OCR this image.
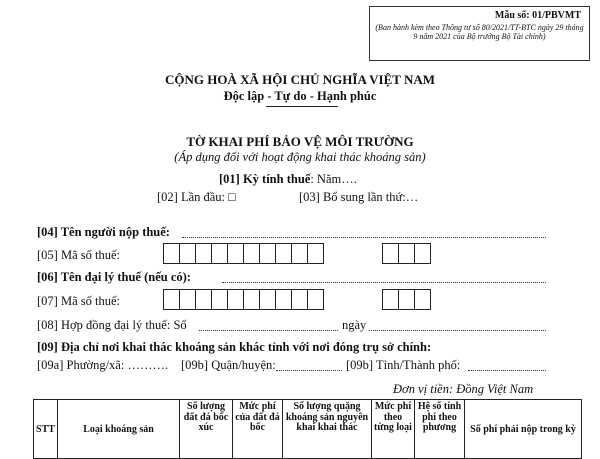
Mẫu số: 01/PBVMT
(Ban hành kèm theo Thông tư số 80/2021/TT-BTC ngày 29 tháng 9 năm 2021 của Bộ trưởng Bộ Tài chính)
CỘNG HOÀ XÃ HỘI CHỦ NGHĨA VIỆT NAM
Độc lập - Tự do - Hạnh phúc
TỜ KHAI PHÍ BẢO VỆ MÔI TRƯỜNG
(Áp dụng đối với hoạt động khai thác khoáng sản)
[01] Kỳ tính thuế: Năm….
[02] Lần đầu: □	[03] Bổ sung lần thứ:…
[04] Tên người nộp thuế:
[05] Mã số thuế:
[06] Tên đại lý thuế (nếu có):
[07] Mã số thuế:
[08] Hợp đồng đại lý thuế: Số	ngày
[09] Địa chỉ nơi khai thác khoáng sản khác tỉnh với nơi đóng trụ sở chính:
[09a] Phường/xã: ………. [09b] Quận/huyện:	[09b] Tỉnh/Thành phố:
Đơn vị tiền: Đồng Việt Nam
STT	Loại khoáng sản	Số lượng đất đá bốc xúc	Mức phí của đất đá bốc	Số lượng quặng khoáng sản nguyên khai khai thác	Mức phí theo từng loại	Hệ số tính phí theo phương	Số phí phải nộp trong kỳ
